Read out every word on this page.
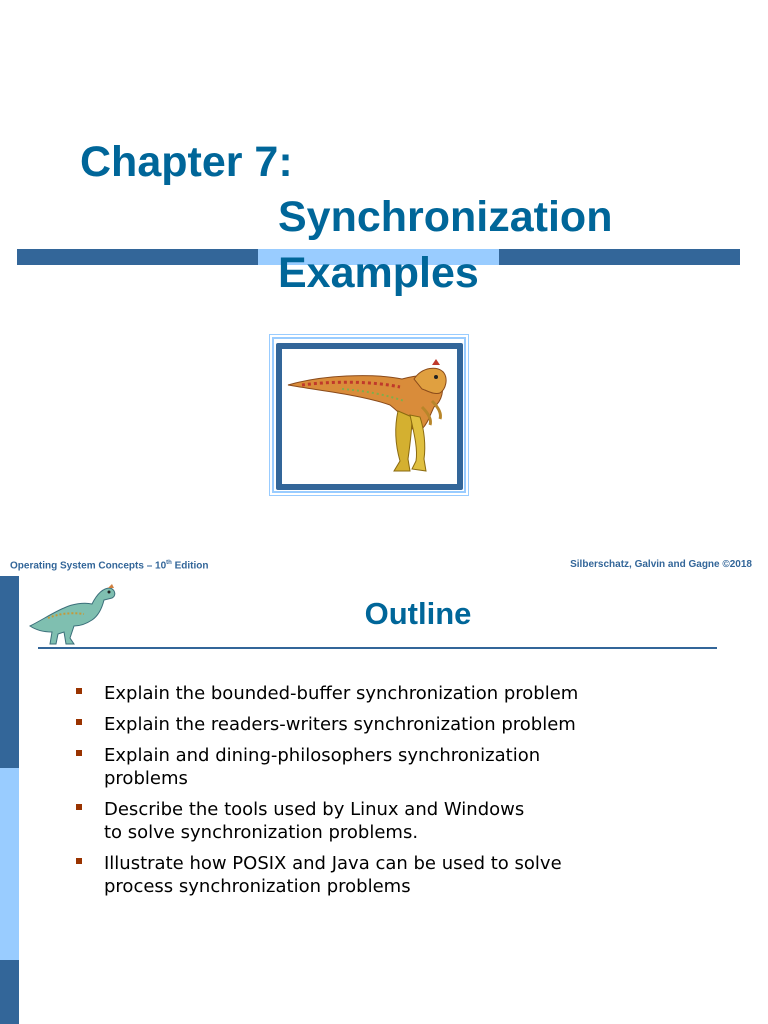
Chapter 7:
Synchronization
Examples
Operating System Concepts – 10th Edition	Silberschatz, Galvin and Gagne ©2018
Outline
Explain the bounded-buffer synchronization problem
Explain the readers-writers synchronization problem
Explain and dining-philosophers synchronization
problems
Describe the tools used by Linux and Windows
to solve synchronization problems.
Illustrate how POSIX and Java can be used to solve
process synchronization problems
